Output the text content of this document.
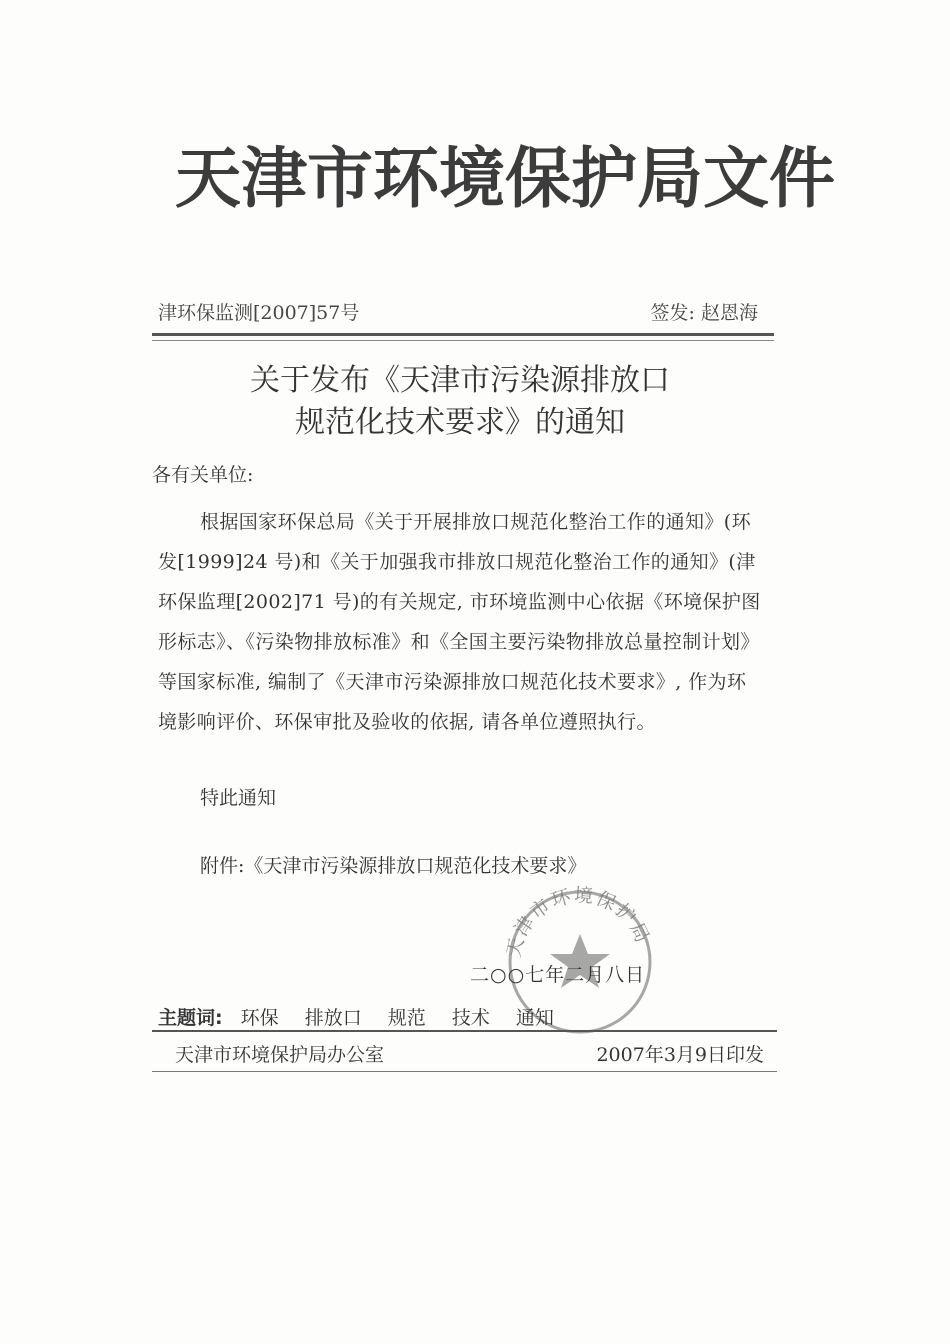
天津市环境保护局文件
津环保监测[2007]57号	签发: 赵恩海
关于发布《天津市污染源排放口
规范化技术要求》的通知
各有关单位:
根据国家环保总局《关于开展排放口规范化整治工作的通知》(环发[1999]24 号)和《关于加强我市排放口规范化整治工作的通知》(津环保监理[2002]71 号)的有关规定, 市环境监测中心依据《环境保护图形标志》、《污染物排放标准》和《全国主要污染物排放总量控制计划》等国家标准, 编制了《天津市污染源排放口规范化技术要求》, 作为环境影响评价、环保审批及验收的依据, 请各单位遵照执行。
特此通知
附件:《天津市污染源排放口规范化技术要求》
天津市环境保护局
二○○七年二月八日
主题词: 环保 排放口 规范 技术 通知
天津市环境保护局办公室	2007年3月9日印发
